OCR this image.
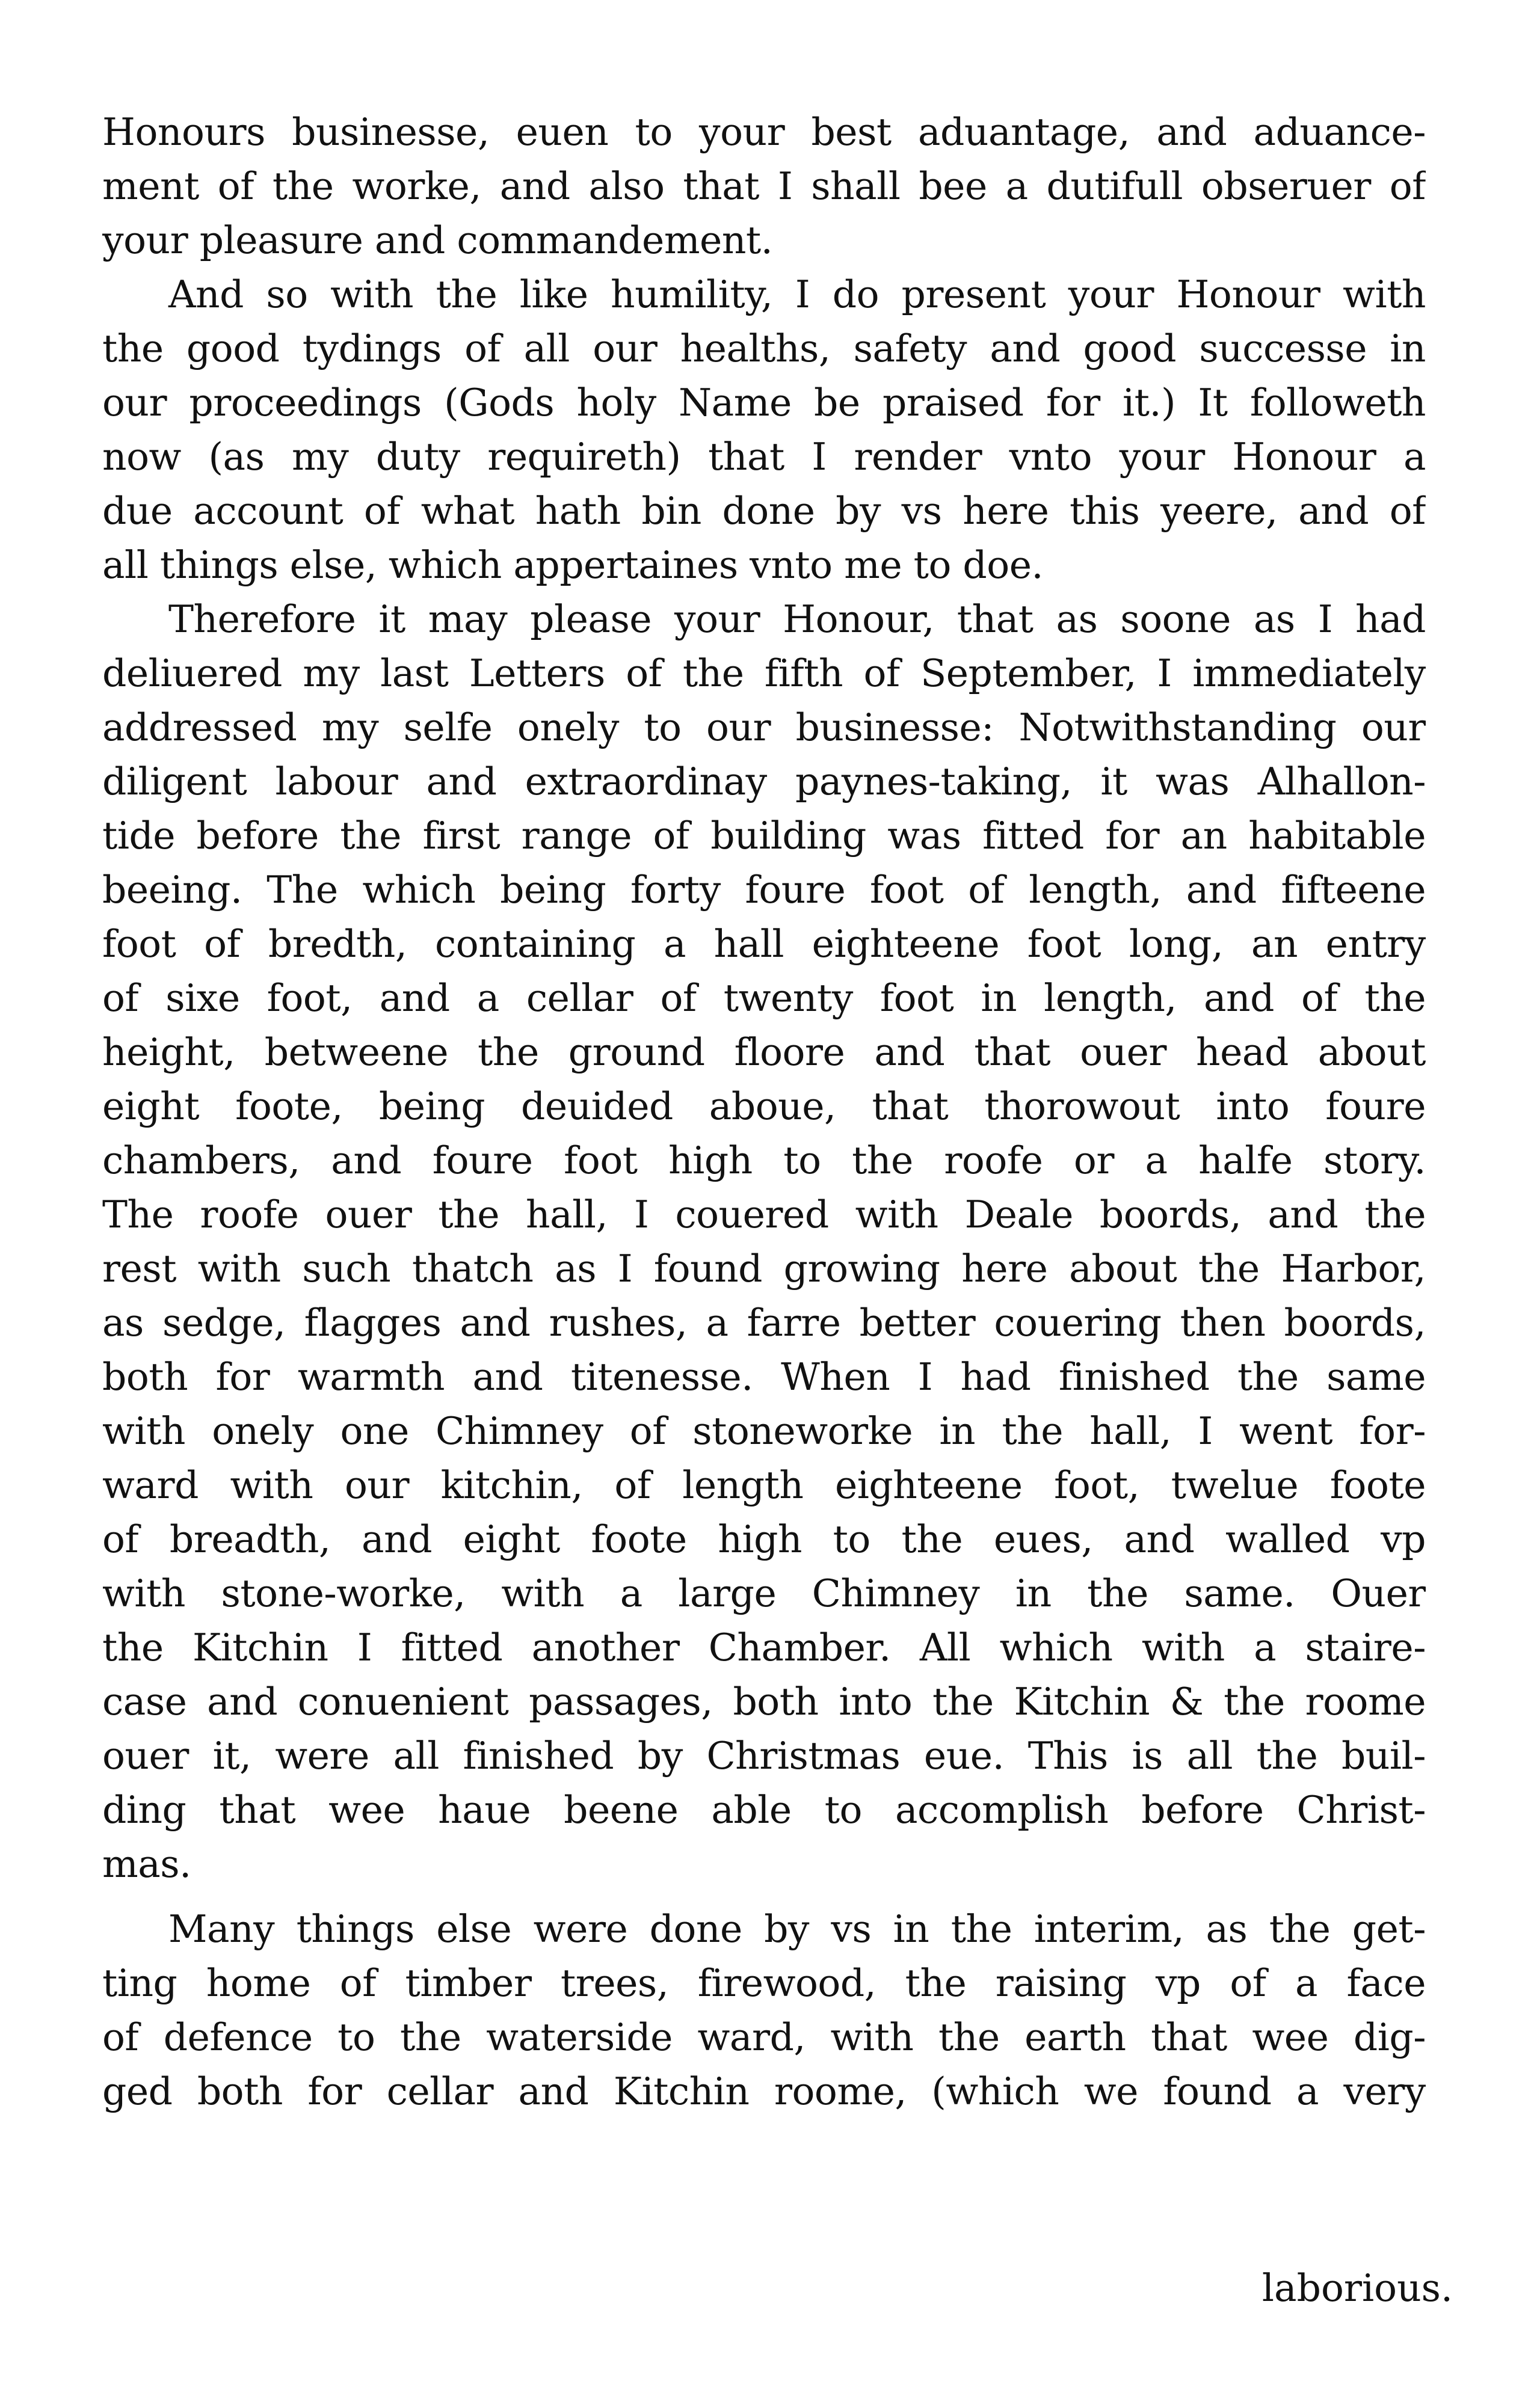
Honours businesse, euen to your best aduantage, and aduance-
ment of the worke, and also that I shall bee a dutifull obseruer of
your pleasure and commandement.
And so with the like humility, I do present your Honour with
the good tydings of all our healths, safety and good successe in
our proceedings (Gods holy Name be praised for it.) It followeth
now (as my duty requireth) that I render vnto your Honour a
due account of what hath bin done by vs here this yeere, and of
all things else, which appertaines vnto me to doe.
Therefore it may please your Honour, that as soone as I had
deliuered my last Letters of the fifth of September, I immediately
addressed my selfe onely to our businesse: Notwithstanding our
diligent labour and extraordinay paynes-taking, it was Alhallon-
tide before the first range of building was fitted for an habitable
beeing. The which being forty foure foot of length, and fifteene
foot of bredth, containing a hall eighteene foot long, an entry
of sixe foot, and a cellar of twenty foot in length, and of the
height, betweene the ground floore and that ouer head about
eight foote, being deuided aboue, that thorowout into foure
chambers, and foure foot high to the roofe or a halfe story.
The roofe ouer the hall, I couered with Deale boords, and the
rest with such thatch as I found growing here about the Harbor,
as sedge, flagges and rushes, a farre better couering then boords,
both for warmth and titenesse. When I had finished the same
with onely one Chimney of stoneworke in the hall, I went for-
ward with our kitchin, of length eighteene foot, twelue foote
of breadth, and eight foote high to the eues, and walled vp
with stone-worke, with a large Chimney in the same. Ouer
the Kitchin I fitted another Chamber. All which with a staire-
case and conuenient passages, both into the Kitchin & the roome
ouer it, were all finished by Christmas eue. This is all the buil-
ding that wee haue beene able to accomplish before Christ-
mas.
Many things else were done by vs in the interim, as the get-
ting home of timber trees, firewood, the raising vp of a face
of defence to the waterside ward, with the earth that wee dig-
ged both for cellar and Kitchin roome, (which we found a very
laborious.
